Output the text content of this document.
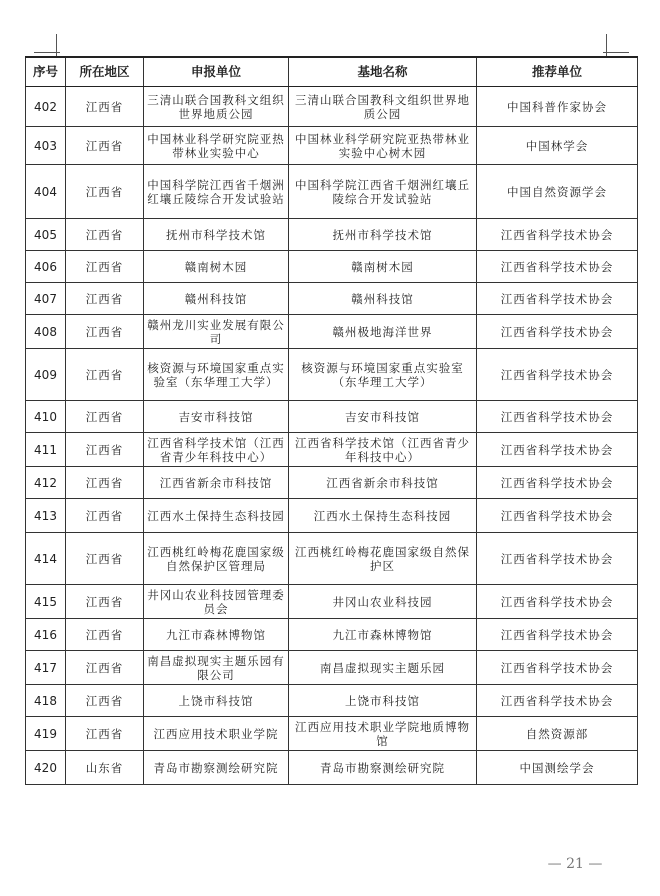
序号	所在地区	申报单位	基地名称	推荐单位
402	江西省	三清山联合国教科文组织世界地质公园	三清山联合国教科文组织世界地质公园	中国科普作家协会
403	江西省	中国林业科学研究院亚热带林业实验中心	中国林业科学研究院亚热带林业实验中心树木园	中国林学会
404	江西省	中国科学院江西省千烟洲红壤丘陵综合开发试验站	中国科学院江西省千烟洲红壤丘陵综合开发试验站	中国自然资源学会
405	江西省	抚州市科学技术馆	抚州市科学技术馆	江西省科学技术协会
406	江西省	赣南树木园	赣南树木园	江西省科学技术协会
407	江西省	赣州科技馆	赣州科技馆	江西省科学技术协会
408	江西省	赣州龙川实业发展有限公司	赣州极地海洋世界	江西省科学技术协会
409	江西省	核资源与环境国家重点实验室（东华理工大学）	核资源与环境国家重点实验室（东华理工大学）	江西省科学技术协会
410	江西省	吉安市科技馆	吉安市科技馆	江西省科学技术协会
411	江西省	江西省科学技术馆（江西省青少年科技中心）	江西省科学技术馆（江西省青少年科技中心）	江西省科学技术协会
412	江西省	江西省新余市科技馆	江西省新余市科技馆	江西省科学技术协会
413	江西省	江西水土保持生态科技园	江西水土保持生态科技园	江西省科学技术协会
414	江西省	江西桃红岭梅花鹿国家级自然保护区管理局	江西桃红岭梅花鹿国家级自然保护区	江西省科学技术协会
415	江西省	井冈山农业科技园管理委员会	井冈山农业科技园	江西省科学技术协会
416	江西省	九江市森林博物馆	九江市森林博物馆	江西省科学技术协会
417	江西省	南昌虚拟现实主题乐园有限公司	南昌虚拟现实主题乐园	江西省科学技术协会
418	江西省	上饶市科技馆	上饶市科技馆	江西省科学技术协会
419	江西省	江西应用技术职业学院	江西应用技术职业学院地质博物馆	自然资源部
420	山东省	青岛市勘察测绘研究院	青岛市勘察测绘研究院	中国测绘学会
— 21 —
